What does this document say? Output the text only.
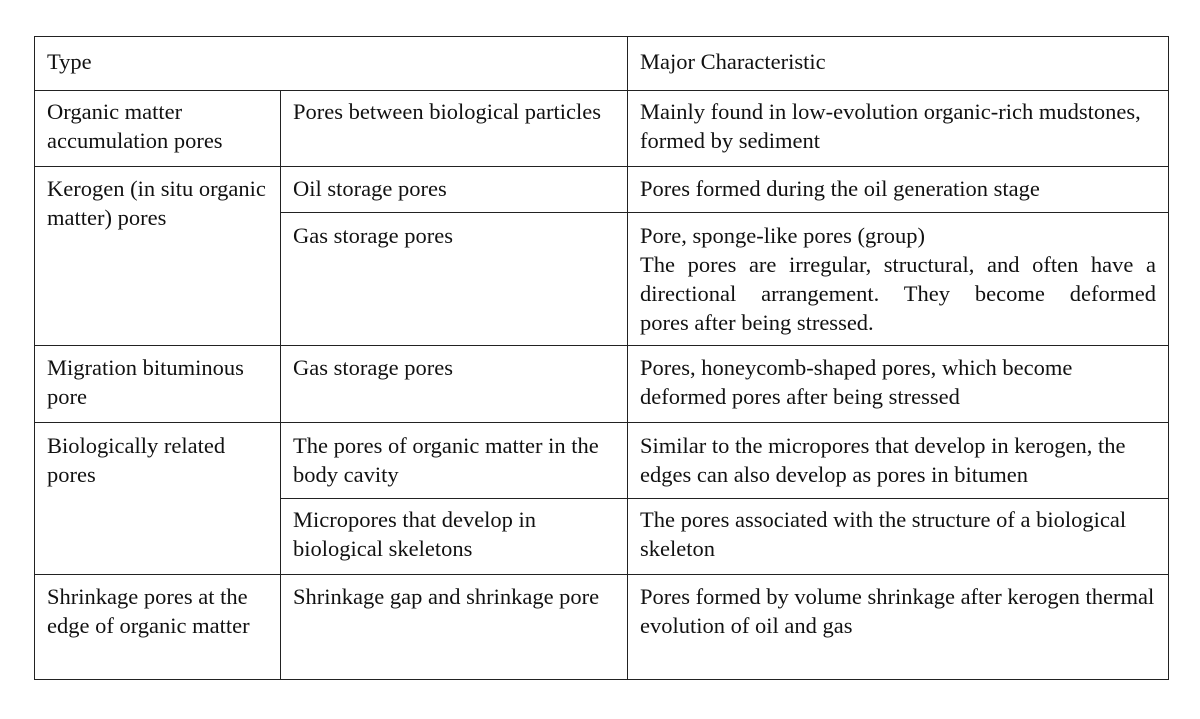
Type		Major Characteristic
Organic matter accumulation pores	Pores between biological particles	Mainly found in low-evolution organic-rich mudstones, formed by sediment
Kerogen (in situ organic matter) pores	Oil storage pores	Pores formed during the oil generation stage
	Gas storage pores	Pore, sponge-like pores (group)
The pores are irregular, structural, and often have a
directional arrangement. They become deformed
pores after being stressed.

Migration bituminous pore	Gas storage pores	Pores, honeycomb-shaped pores, which become deformed pores after being stressed
Biologically related pores	The pores of organic matter in the body cavity	Similar to the micropores that develop in kerogen, the edges can also develop as pores in bitumen
	Micropores that develop in biological skeletons	The pores associated with the structure of a biological skeleton
Shrinkage pores at the edge of organic matter	Shrinkage gap and shrinkage pore	Pores formed by volume shrinkage after kerogen thermal evolution of oil and gas
